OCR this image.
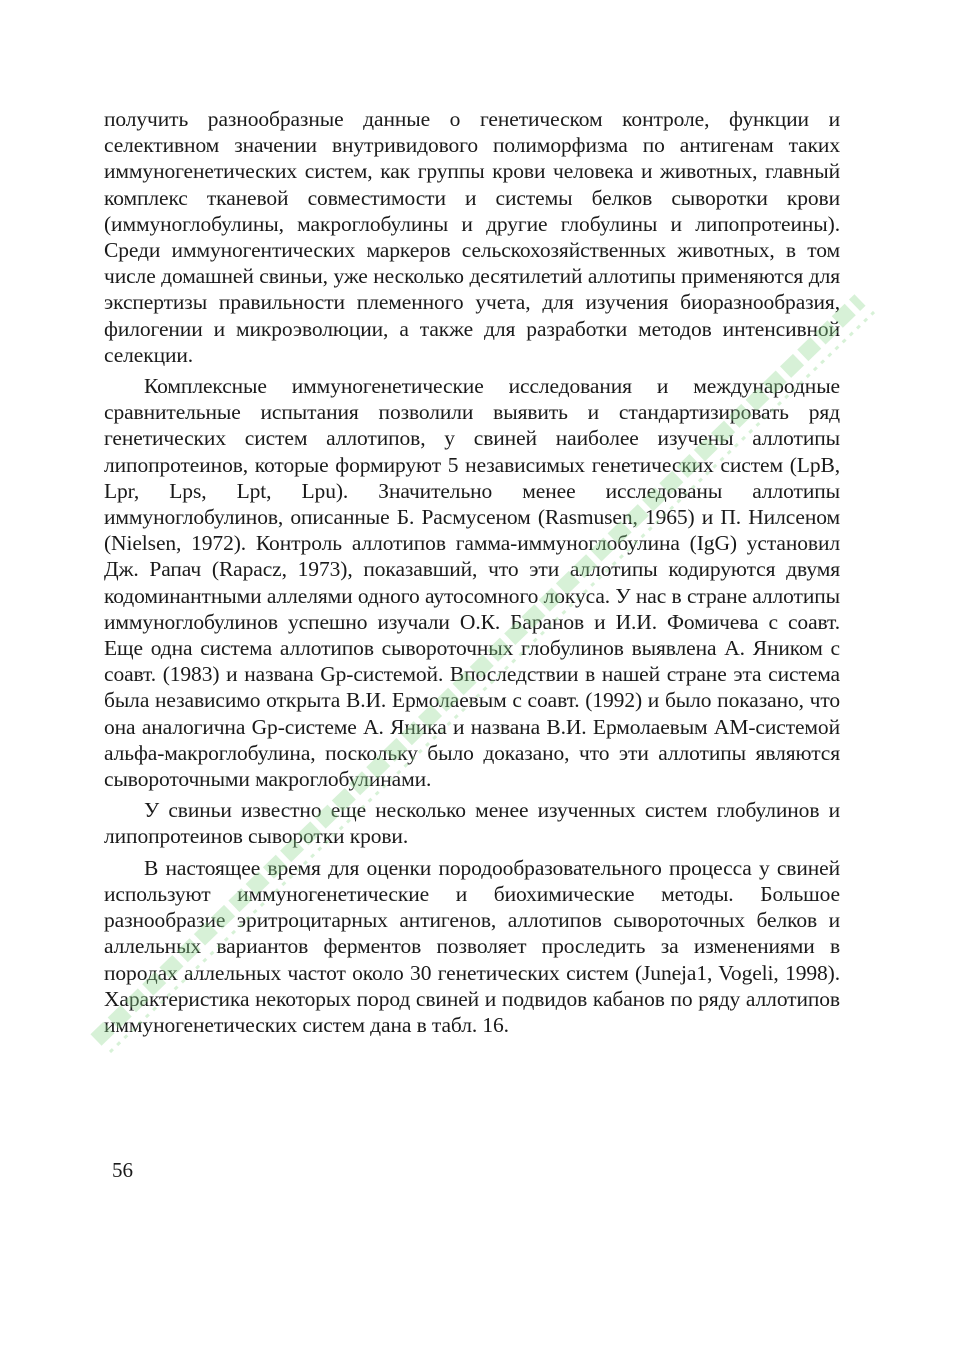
получить разнообразные данные о генетическом контроле, функции и селективном значении внутривидового полиморфизма по антигенам таких иммуногенетических систем, как группы крови человека и животных, главный комплекс тканевой совместимости и системы белков сыворотки крови (иммуноглобулины, макроглобулины и другие глобулины и липопротеины). Среди иммуногентических маркеров сельскохозяйственных животных, в том числе домашней свиньи, уже несколько десятилетий аллотипы применяются для экспертизы правильности племенного учета, для изучения биоразнообразия, филогении и микроэволюции, а также для разработки методов интенсивной селекции.

Комплексные иммуногенетические исследования и международные сравнительные испытания позволили выявить и стандартизировать ряд генетических систем аллотипов, у свиней наиболее изучены аллотипы липопротеинов, которые формируют 5 независимых генетических систем (LpB, Lpr, Lps, Lpt, Lpu). Значительно менее исследованы аллотипы иммуноглобулинов, описанные Б. Расмусеном (Rasmusen, 1965) и П. Нилсеном (Nielsen, 1972). Контроль аллотипов гамма-иммуноглобулина (IgG) установил Дж. Рапач (Rapacz, 1973), показавший, что эти аллотипы кодируются двумя кодоминантными аллелями одного аутосомного локуса. У нас в стране аллотипы иммуноглобулинов успешно изучали О.К. Баранов и И.И. Фомичева с соавт. Еще одна система аллотипов сывороточных глобулинов выявлена А. Яником с соавт. (1983) и названа Gp-системой. Впоследствии в нашей стране эта система была независимо открыта В.И. Ермолаевым с соавт. (1992) и было показано, что она аналогична Gp-системе А. Яника и названа В.И. Ермолаевым АМ-системой альфа-макроглобулина, поскольку было доказано, что эти аллотипы являются сывороточными макроглобулинами.

У свиньи известно еще несколько менее изученных систем глобулинов и липопротеинов сыворотки крови.

В настоящее время для оценки породообразовательного процесса у свиней используют иммуногенетические и биохимические методы. Большое разнообразие эритроцитарных антигенов, аллотипов сывороточных белков и аллельных вариантов ферментов позволяет проследить за изменениями в породах аллельных частот около 30 генетических систем (Juneja1, Vogeli, 1998). Характеристика некоторых пород свиней и подвидов кабанов по ряду аллотипов иммуногенетических систем дана в табл. 16.

56
